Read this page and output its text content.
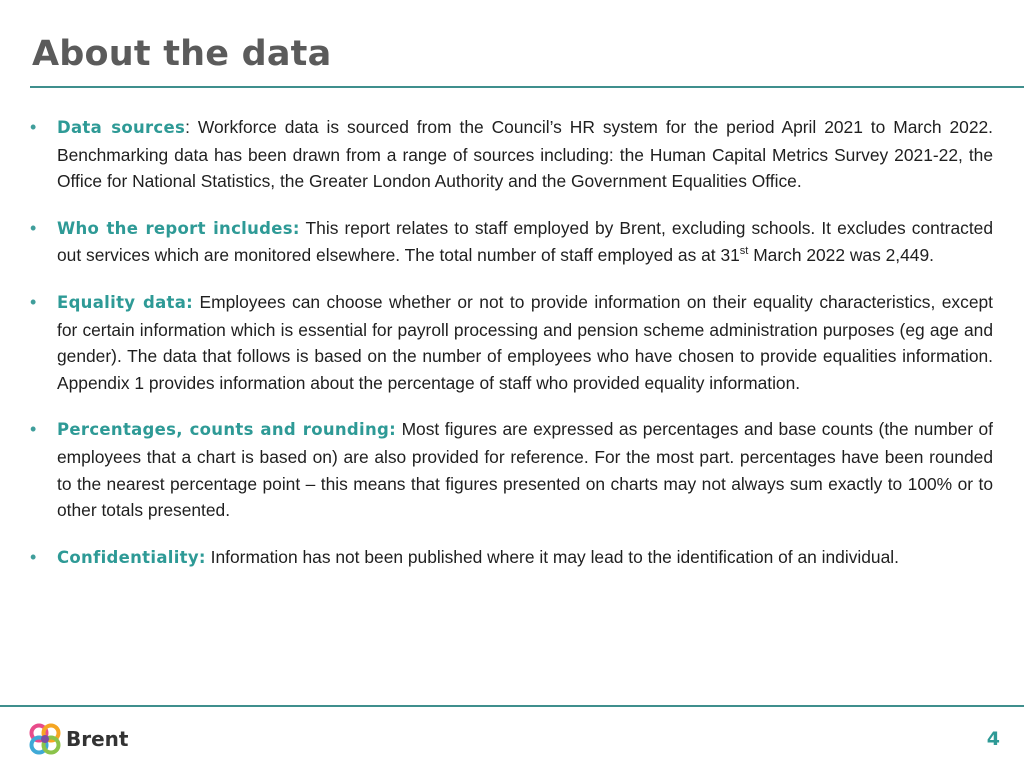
About the data
• Data sources: Workforce data is sourced from the Council’s HR system for the period April 2021 to March 2022. Benchmarking data has been drawn from a range of sources including: the Human Capital Metrics Survey 2021-22, the Office for National Statistics, the Greater London Authority and the Government Equalities Office.
• Who the report includes: This report relates to staff employed by Brent, excluding schools. It excludes contracted out services which are monitored elsewhere. The total number of staff employed as at 31st March 2022 was 2,449.
• Equality data: Employees can choose whether or not to provide information on their equality characteristics, except for certain information which is essential for payroll processing and pension scheme administration purposes (eg age and gender). The data that follows is based on the number of employees who have chosen to provide equalities information. Appendix 1 provides information about the percentage of staff who provided equality information.
• Percentages, counts and rounding: Most figures are expressed as percentages and base counts (the number of employees that a chart is based on) are also provided for reference. For the most part. percentages have been rounded to the nearest percentage point – this means that figures presented on charts may not always sum exactly to 100% or to other totals presented.
• Confidentiality: Information has not been published where it may lead to the identification of an individual.
Brent	4
